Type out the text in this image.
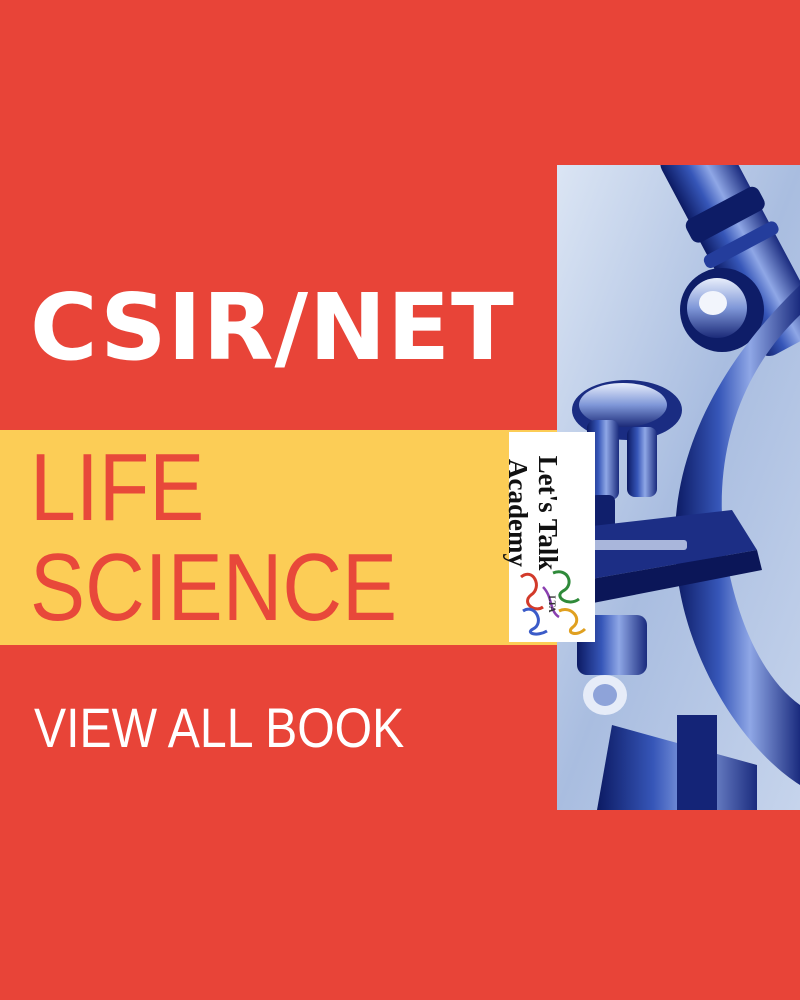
CSIR/NET
LIFE
SCIENCE
VIEW ALL BOOK
Let's Talk
Academy
LTA
